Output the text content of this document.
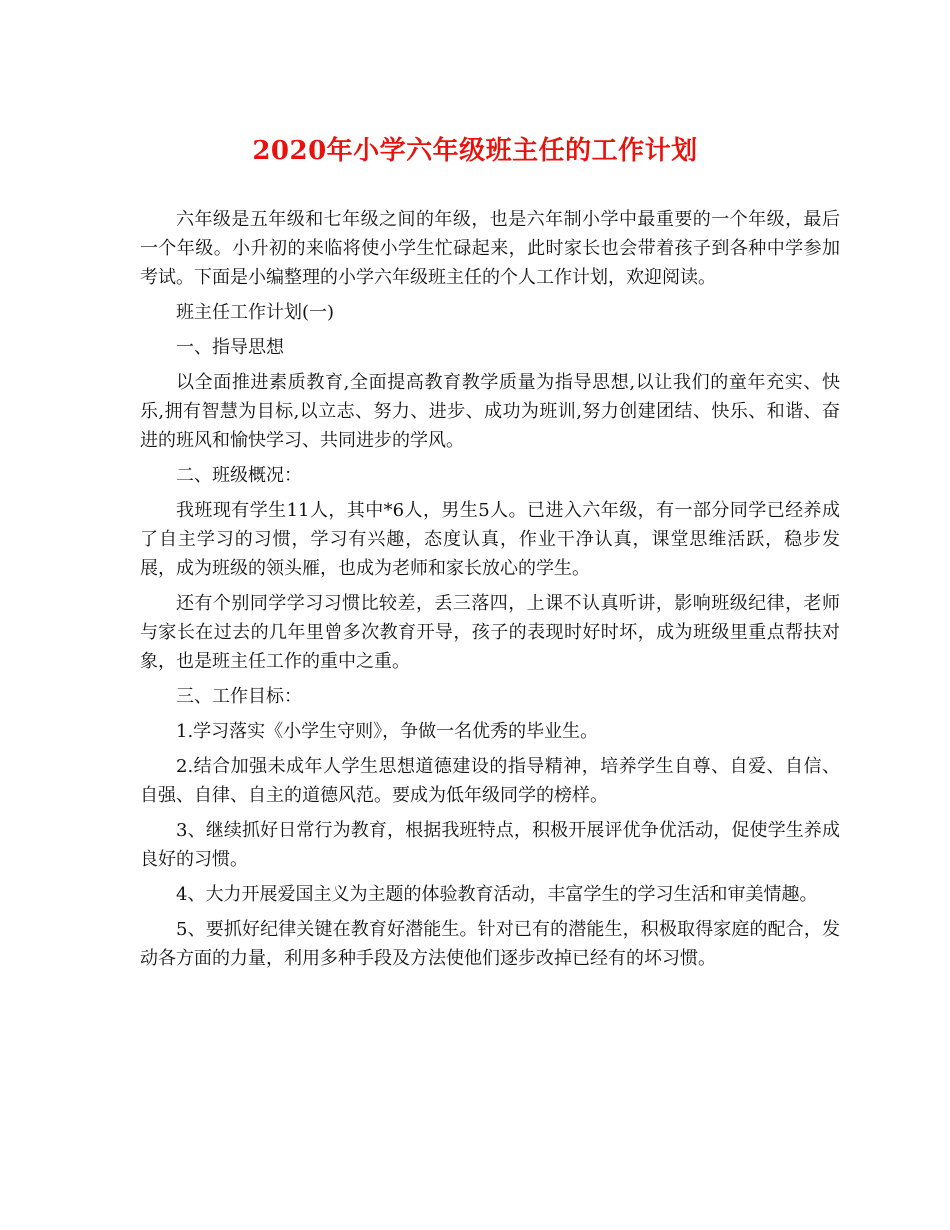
2020年小学六年级班主任的工作计划

六年级是五年级和七年级之间的年级，也是六年制小学中最重要的一个年级，最后一个年级。小升初的来临将使小学生忙碌起来，此时家长也会带着孩子到各种中学参加考试。下面是小编整理的小学六年级班主任的个人工作计划，欢迎阅读。

班主任工作计划(一)

一、指导思想

以全面推进素质教育,全面提高教育教学质量为指导思想,以让我们的童年充实、快乐,拥有智慧为目标,以立志、努力、进步、成功为班训,努力创建团结、快乐、和谐、奋进的班风和愉快学习、共同进步的学风。

二、班级概况：

我班现有学生11人，其中*6人，男生5人。已进入六年级，有一部分同学已经养成了自主学习的习惯，学习有兴趣，态度认真，作业干净认真，课堂思维活跃，稳步发展，成为班级的领头雁，也成为老师和家长放心的学生。

还有个别同学学习习惯比较差，丢三落四，上课不认真听讲，影响班级纪律，老师与家长在过去的几年里曾多次教育开导，孩子的表现时好时坏，成为班级里重点帮扶对象，也是班主任工作的重中之重。

三、工作目标：

1.学习落实《小学生守则》，争做一名优秀的毕业生。

2.结合加强未成年人学生思想道德建设的指导精神，培养学生自尊、自爱、自信、自强、自律、自主的道德风范。要成为低年级同学的榜样。

3、继续抓好日常行为教育，根据我班特点，积极开展评优争优活动，促使学生养成良好的习惯。

4、大力开展爱国主义为主题的体验教育活动，丰富学生的学习生活和审美情趣。

5、要抓好纪律关键在教育好潜能生。针对已有的潜能生，积极取得家庭的配合，发动各方面的力量，利用多种手段及方法使他们逐步改掉已经有的坏习惯。
